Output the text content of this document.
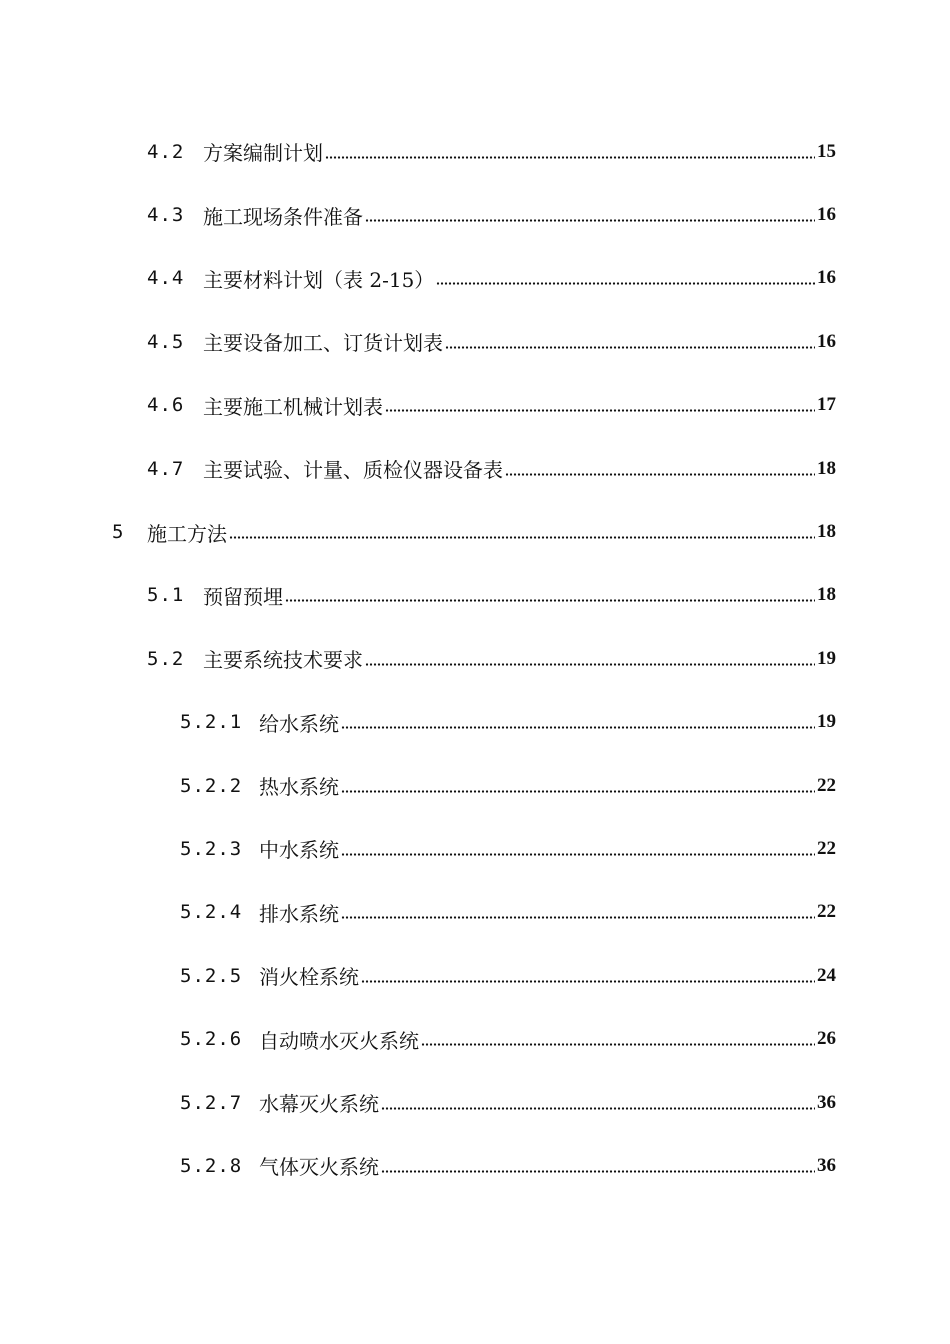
4.2 方案编制计划	15
4.3 施工现场条件准备	16
4.4 主要材料计划（表 2-15）	16
4.5 主要设备加工、订货计划表	16
4.6 主要施工机械计划表	17
4.7 主要试验、计量、质检仪器设备表	18
5	施工方法	18
5.1 预留预埋	18
5.2 主要系统技术要求	19
5.2.1 给水系统	19
5.2.2 热水系统	22
5.2.3 中水系统	22
5.2.4 排水系统	22
5.2.5 消火栓系统	24
5.2.6 自动喷水灭火系统	26
5.2.7 水幕灭火系统	36
5.2.8 气体灭火系统	36
